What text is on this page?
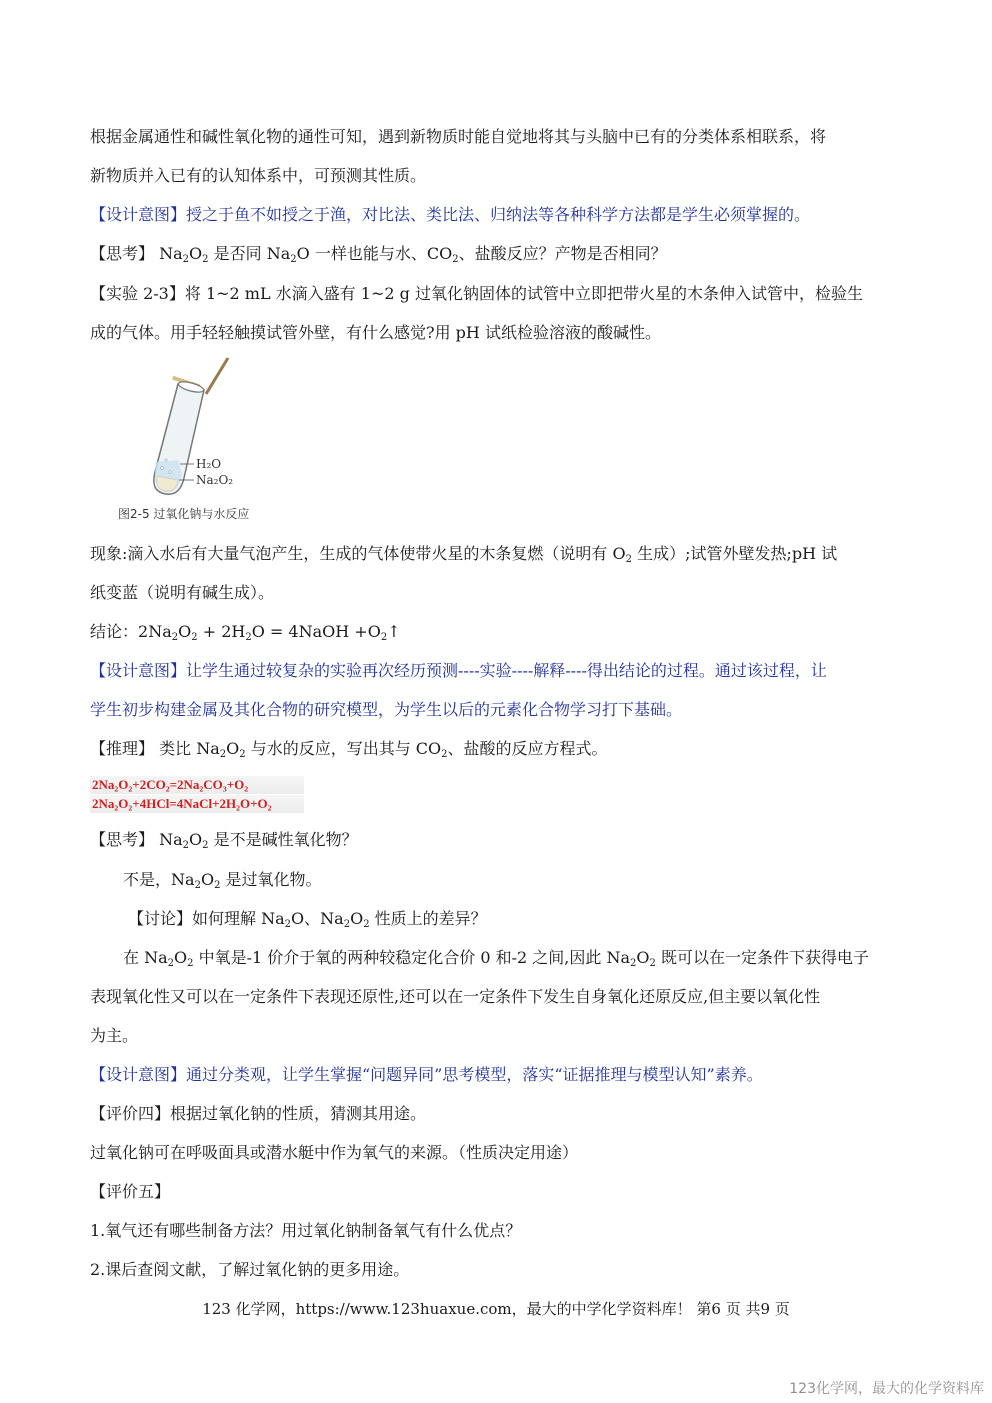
根据金属通性和碱性氧化物的通性可知，遇到新物质时能自觉地将其与头脑中已有的分类体系相联系，将
新物质并入已有的认知体系中，可预测其性质。
【设计意图】授之于鱼不如授之于渔，对比法、类比法、归纳法等各种科学方法都是学生必须掌握的。
【思考】 $Na_2O_2$ 是否同 $Na_2O$ 一样也能与水、$CO_2$、盐酸反应？产物是否相同？
【实验 2-3】将 1~2 mL 水滴入盛有 1~2 g 过氧化钠固体的试管中立即把带火星的木条伸入试管中，检验生
成的气体。用手轻轻触摸试管外壁，有什么感觉?用 pH 试纸检验溶液的酸碱性。
H₂O
Na₂O₂
图2-5 过氧化钠与水反应
现象:滴入水后有大量气泡产生，生成的气体使带火星的木条复燃（说明有 $O_2$ 生成）;试管外壁发热;pH 试
纸变蓝（说明有碱生成）。
结论：$2Na_2O_2 + 2H_2O$ = 4NaOH $+O_2↑$
【设计意图】让学生通过较复杂的实验再次经历预测----实验----解释----得出结论的过程。通过该过程，让
学生初步构建金属及其化合物的研究模型，为学生以后的元素化合物学习打下基础。
【推理】 类比 $Na_2O_2$ 与水的反应，写出其与 $CO_2$、盐酸的反应方程式。
2Na₂O₂+2CO₂=2Na₂CO₃+O₂
2Na₂O₂+4HCl=4NaCl+2H₂O+O₂
【思考】 $Na_2O_2$ 是不是碱性氧化物？
不是，$Na_2O_2$ 是过氧化物。
【讨论】如何理解 $Na_2O$、$Na_2O_2$ 性质上的差异？
在 $Na_2O_2$ 中氧是-1 价介于氧的两种较稳定化合价 0 和-2 之间,因此 $Na_2O_2$ 既可以在一定条件下获得电子
表现氧化性又可以在一定条件下表现还原性,还可以在一定条件下发生自身氧化还原反应,但主要以氧化性
为主。
【设计意图】通过分类观，让学生掌握“问题异同”思考模型，落实“证据推理与模型认知”素养。
【评价四】根据过氧化钠的性质，猜测其用途。
过氧化钠可在呼吸面具或潜水艇中作为氧气的来源。（性质决定用途）
【评价五】
1.氧气还有哪些制备方法？用过氧化钠制备氧气有什么优点？
2.课后查阅文献，了解过氧化钠的更多用途。
123 化学网，https://www.123huaxue.com，最大的中学化学资料库！ 第6 页 共9 页
123化学网，最大的化学资料库
